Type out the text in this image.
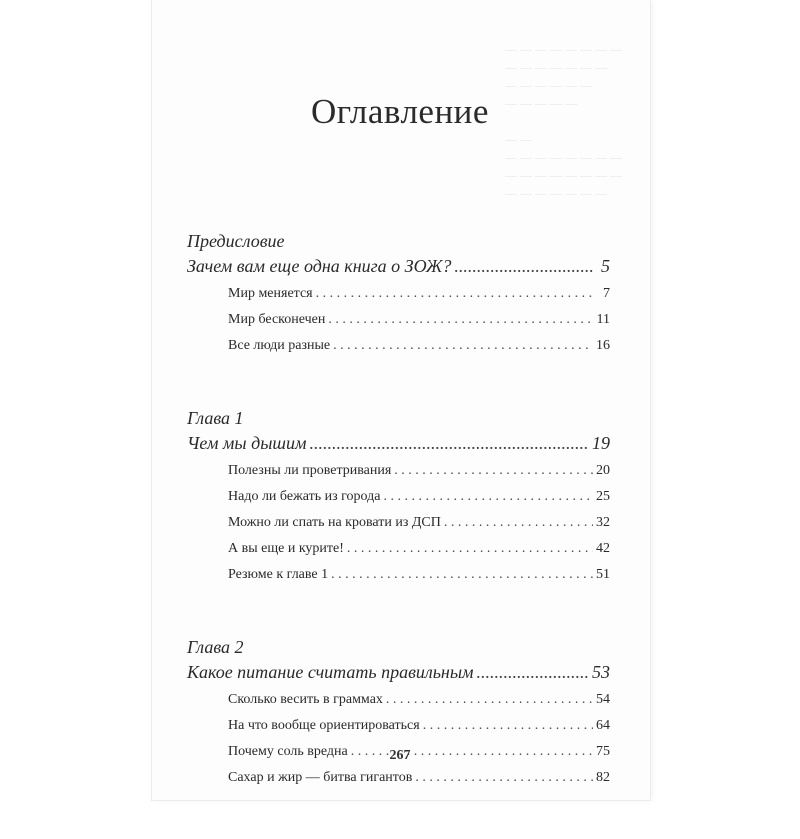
Оглавление
Предисловие
Зачем вам еще одна книга о ЗОЖ? .....	5
Мир меняется . . .	7
Мир бесконечен . . .	11
Все люди разные . . .	16
Глава 1
Чем мы дышим .....	19
Полезны ли проветривания . . .	20
Надо ли бежать из города . . .	25
Можно ли спать на кровати из ДСП . . .	32
А вы еще и курите! . . .	42
Резюме к главе 1 . . .	51
Глава 2
Какое питание считать правильным .....	53
Сколько весить в граммах . . .	54
На что вообще ориентироваться . . .	64
Почему соль вредна . . .	75
Сахар и жир — битва гигантов . . .	82
267
